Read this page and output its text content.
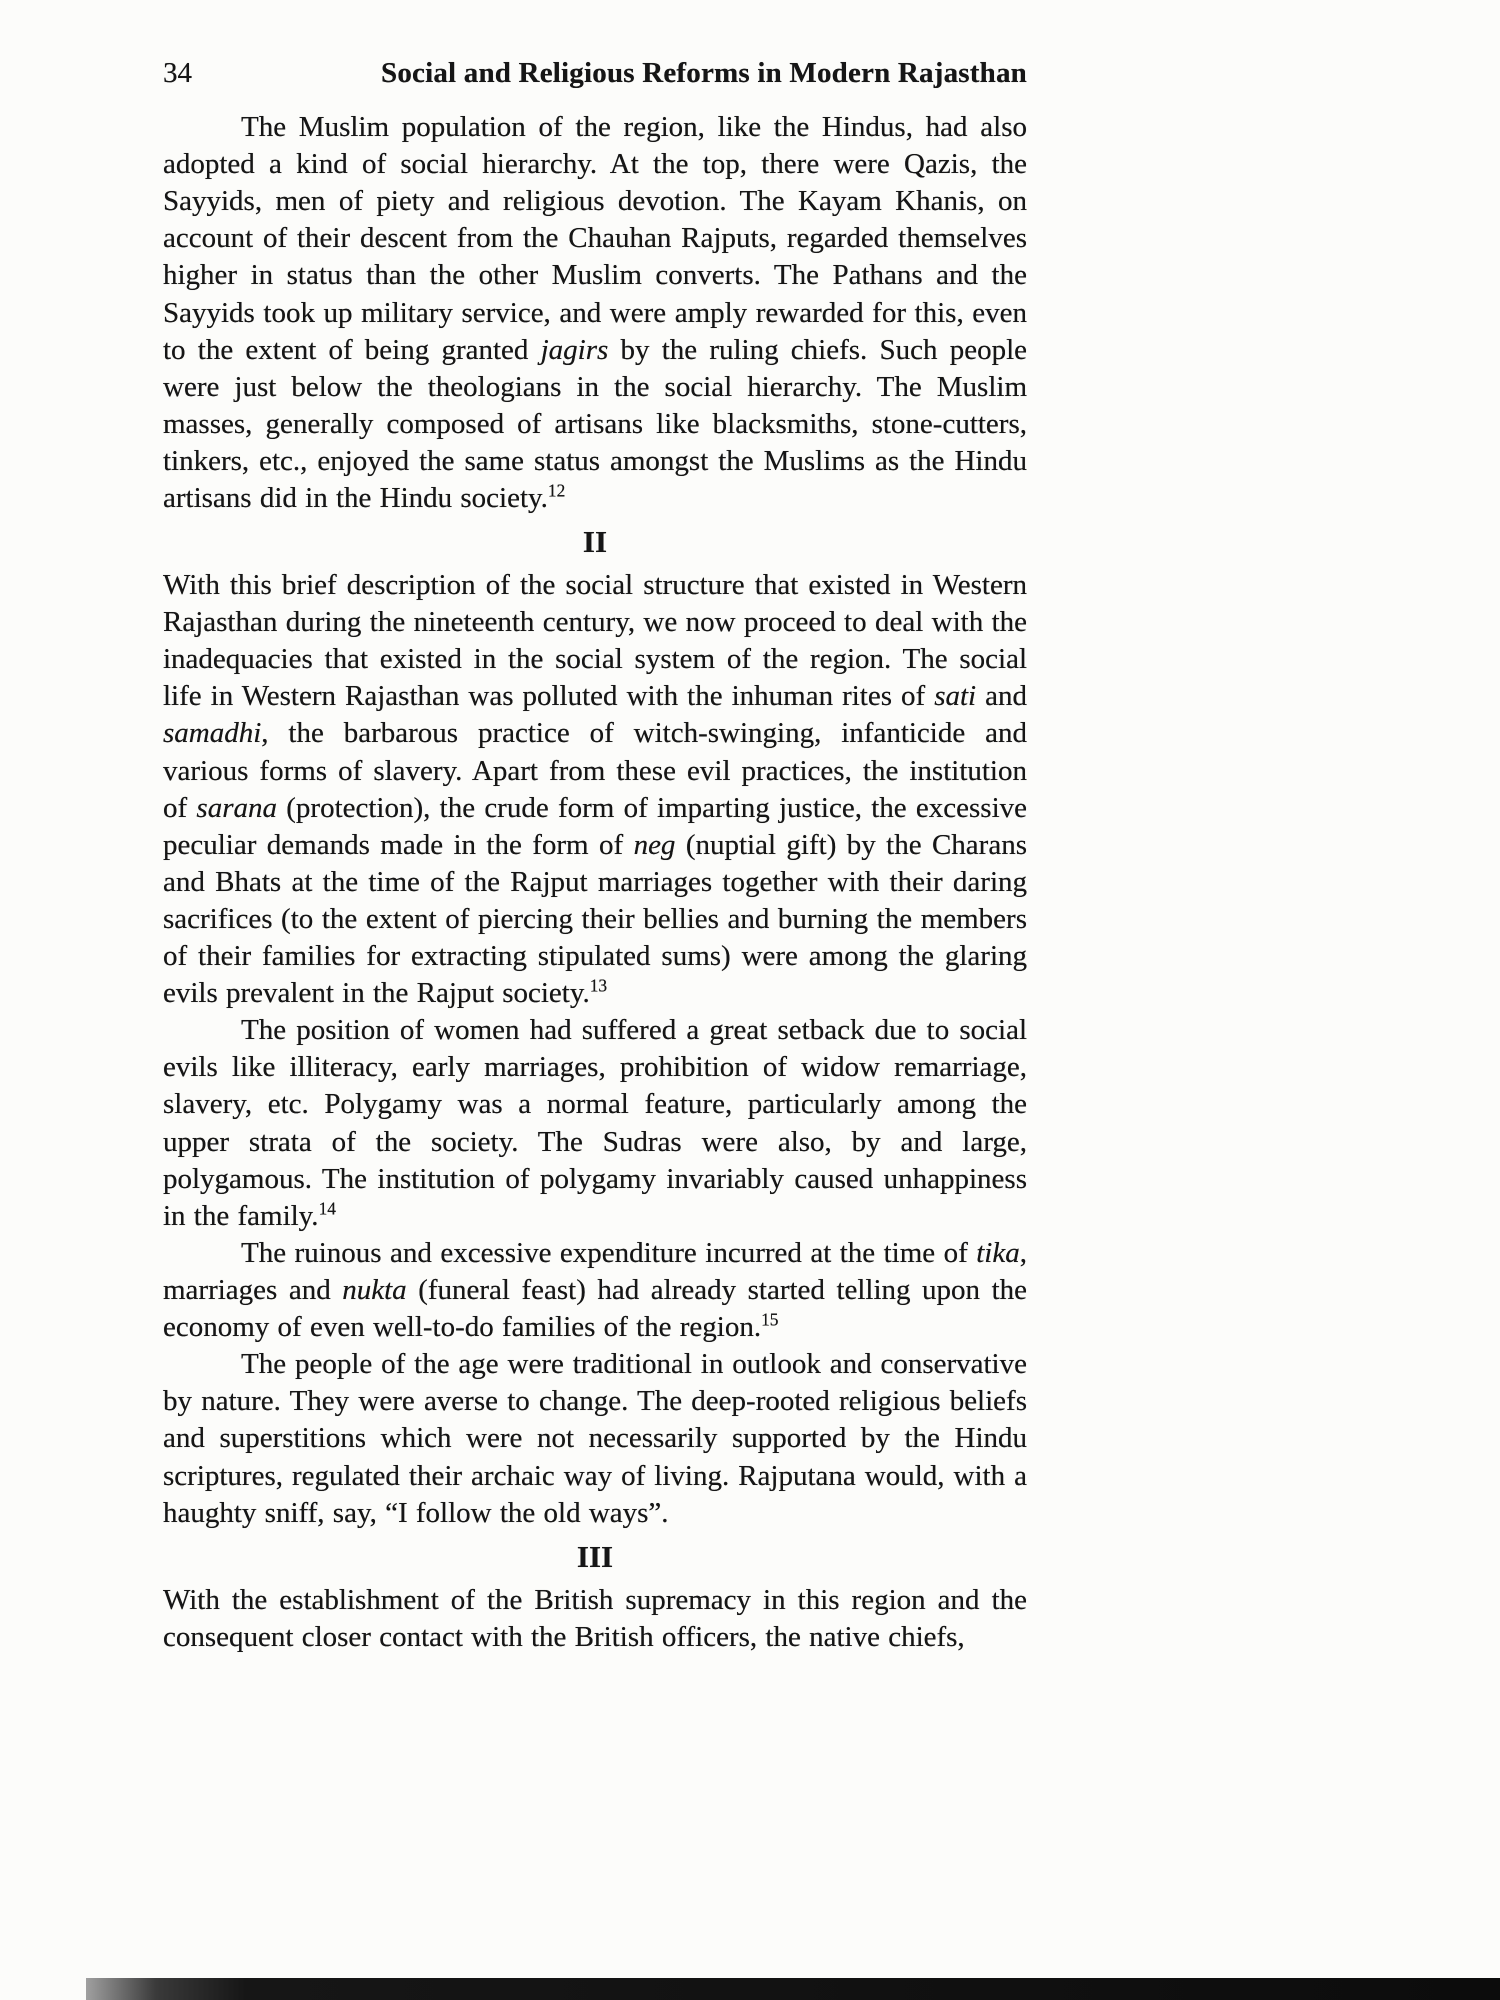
34	Social and Religious Reforms in Modern Rajasthan

The Muslim population of the region, like the Hindus, had also adopted a kind of social hierarchy. At the top, there were Qazis, the Sayyids, men of piety and religious devotion. The Kayam Khanis, on account of their descent from the Chauhan Rajputs, regarded themselves higher in status than the other Muslim converts. The Pathans and the Sayyids took up military service, and were amply rewarded for this, even to the extent of being granted jagirs by the ruling chiefs. Such people were just below the theologians in the social hierarchy. The Muslim masses, generally composed of artisans like blacksmiths, stone-cutters, tinkers, etc., enjoyed the same status amongst the Muslims as the Hindu artisans did in the Hindu society.$^{12}$

II

With this brief description of the social structure that existed in Western Rajasthan during the nineteenth century, we now proceed to deal with the inadequacies that existed in the social system of the region. The social life in Western Rajasthan was polluted with the inhuman rites of sati and samadhi, the barbarous practice of witch-swinging, infanticide and various forms of slavery. Apart from these evil practices, the institution of sarana (protection), the crude form of imparting justice, the excessive peculiar demands made in the form of neg (nuptial gift) by the Charans and Bhats at the time of the Rajput marriages together with their daring sacrifices (to the extent of piercing their bellies and burning the members of their families for extracting stipulated sums) were among the glaring evils prevalent in the Rajput society.$^{13}$

The position of women had suffered a great setback due to social evils like illiteracy, early marriages, prohibition of widow remarriage, slavery, etc. Polygamy was a normal feature, particularly among the upper strata of the society. The Sudras were also, by and large, polygamous. The institution of polygamy invariably caused unhappiness in the family.$^{14}$

The ruinous and excessive expenditure incurred at the time of tika, marriages and nukta (funeral feast) had already started telling upon the economy of even well-to-do families of the region.$^{15}$

The people of the age were traditional in outlook and conservative by nature. They were averse to change. The deep-rooted religious beliefs and superstitions which were not necessarily supported by the Hindu scriptures, regulated their archaic way of living. Rajputana would, with a haughty sniff, say, “I follow the old ways”.

III

With the establishment of the British supremacy in this region and the consequent closer contact with the British officers, the native chiefs,
